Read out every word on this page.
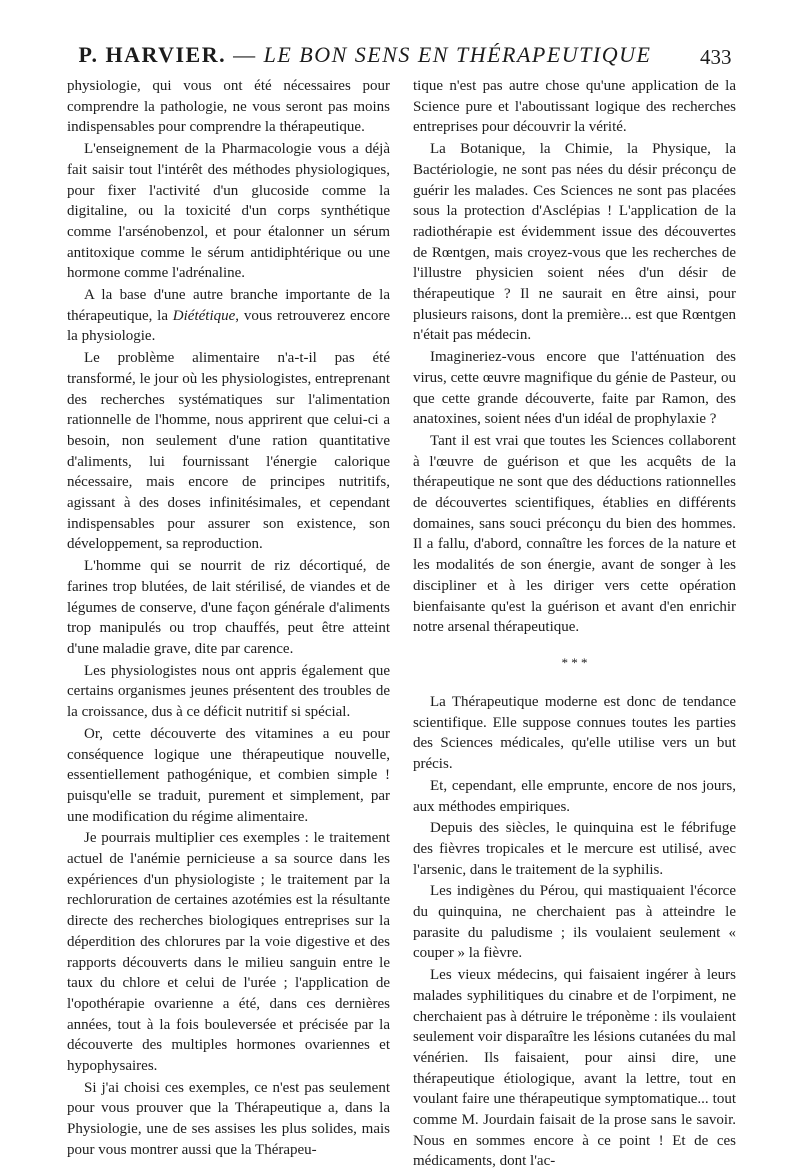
P. HARVIER. — LE BON SENS EN THÉRAPEUTIQUE	433

physiologie, qui vous ont été nécessaires pour comprendre la pathologie, ne vous seront pas moins indispensables pour comprendre la thérapeutique.

L'enseignement de la Pharmacologie vous a déjà fait saisir tout l'intérêt des méthodes physiologiques, pour fixer l'activité d'un glucoside comme la digitaline, ou la toxicité d'un corps synthétique comme l'arsénobenzol, et pour étalonner un sérum antitoxique comme le sérum antidiphtérique ou une hormone comme l'adrénaline.

A la base d'une autre branche importante de la thérapeutique, la Diététique, vous retrouverez encore la physiologie.

Le problème alimentaire n'a-t-il pas été transformé, le jour où les physiologistes, entreprenant des recherches systématiques sur l'alimentation rationnelle de l'homme, nous apprirent que celui-ci a besoin, non seulement d'une ration quantitative d'aliments, lui fournissant l'énergie calorique nécessaire, mais encore de principes nutritifs, agissant à des doses infinitésimales, et cependant indispensables pour assurer son existence, son développement, sa reproduction.

L'homme qui se nourrit de riz décortiqué, de farines trop blutées, de lait stérilisé, de viandes et de légumes de conserve, d'une façon générale d'aliments trop manipulés ou trop chauffés, peut être atteint d'une maladie grave, dite par carence.

Les physiologistes nous ont appris également que certains organismes jeunes présentent des troubles de la croissance, dus à ce déficit nutritif si spécial.

Or, cette découverte des vitamines a eu pour conséquence logique une thérapeutique nouvelle, essentiellement pathogénique, et combien simple ! puisqu'elle se traduit, purement et simplement, par une modification du régime alimentaire.

Je pourrais multiplier ces exemples : le traitement actuel de l'anémie pernicieuse a sa source dans les expériences d'un physiologiste ; le traitement par la rechloruration de certaines azotémies est la résultante directe des recherches biologiques entreprises sur la déperdition des chlorures par la voie digestive et des rapports découverts dans le milieu sanguin entre le taux du chlore et celui de l'urée ; l'application de l'opothérapie ovarienne a été, dans ces dernières années, tout à la fois bouleversée et précisée par la découverte des multiples hormones ovariennes et hypophysaires.

Si j'ai choisi ces exemples, ce n'est pas seulement pour vous prouver que la Thérapeutique a, dans la Physiologie, une de ses assises les plus solides, mais pour vous montrer aussi que la Thérapeu-

tique n'est pas autre chose qu'une application de la Science pure et l'aboutissant logique des recherches entreprises pour découvrir la vérité.

La Botanique, la Chimie, la Physique, la Bactériologie, ne sont pas nées du désir préconçu de guérir les malades. Ces Sciences ne sont pas placées sous la protection d'Asclépias ! L'application de la radiothérapie est évidemment issue des découvertes de Rœntgen, mais croyez-vous que les recherches de l'illustre physicien soient nées d'un désir de thérapeutique ? Il ne saurait en être ainsi, pour plusieurs raisons, dont la première... est que Rœntgen n'était pas médecin.

Imagineriez-vous encore que l'atténuation des virus, cette œuvre magnifique du génie de Pasteur, ou que cette grande découverte, faite par Ramon, des anatoxines, soient nées d'un idéal de prophylaxie ?

Tant il est vrai que toutes les Sciences collaborent à l'œuvre de guérison et que les acquêts de la thérapeutique ne sont que des déductions rationnelles de découvertes scientifiques, établies en différents domaines, sans souci préconçu du bien des hommes. Il a fallu, d'abord, connaître les forces de la nature et les modalités de son énergie, avant de songer à les discipliner et à les diriger vers cette opération bienfaisante qu'est la guérison et avant d'en enrichir notre arsenal thérapeutique.

* * *

La Thérapeutique moderne est donc de tendance scientifique. Elle suppose connues toutes les parties des Sciences médicales, qu'elle utilise vers un but précis.

Et, cependant, elle emprunte, encore de nos jours, aux méthodes empiriques.

Depuis des siècles, le quinquina est le fébrifuge des fièvres tropicales et le mercure est utilisé, avec l'arsenic, dans le traitement de la syphilis.

Les indigènes du Pérou, qui mastiquaient l'écorce du quinquina, ne cherchaient pas à atteindre le parasite du paludisme ; ils voulaient seulement « couper » la fièvre.

Les vieux médecins, qui faisaient ingérer à leurs malades syphilitiques du cinabre et de l'orpiment, ne cherchaient pas à détruire le tréponème : ils voulaient seulement voir disparaître les lésions cutanées du mal vénérien. Ils faisaient, pour ainsi dire, une thérapeutique étiologique, avant la lettre, tout en voulant faire une thérapeutique symptomatique... tout comme M. Jourdain faisait de la prose sans le savoir. Nous en sommes encore à ce point ! Et de ces médicaments, dont l'ac-
